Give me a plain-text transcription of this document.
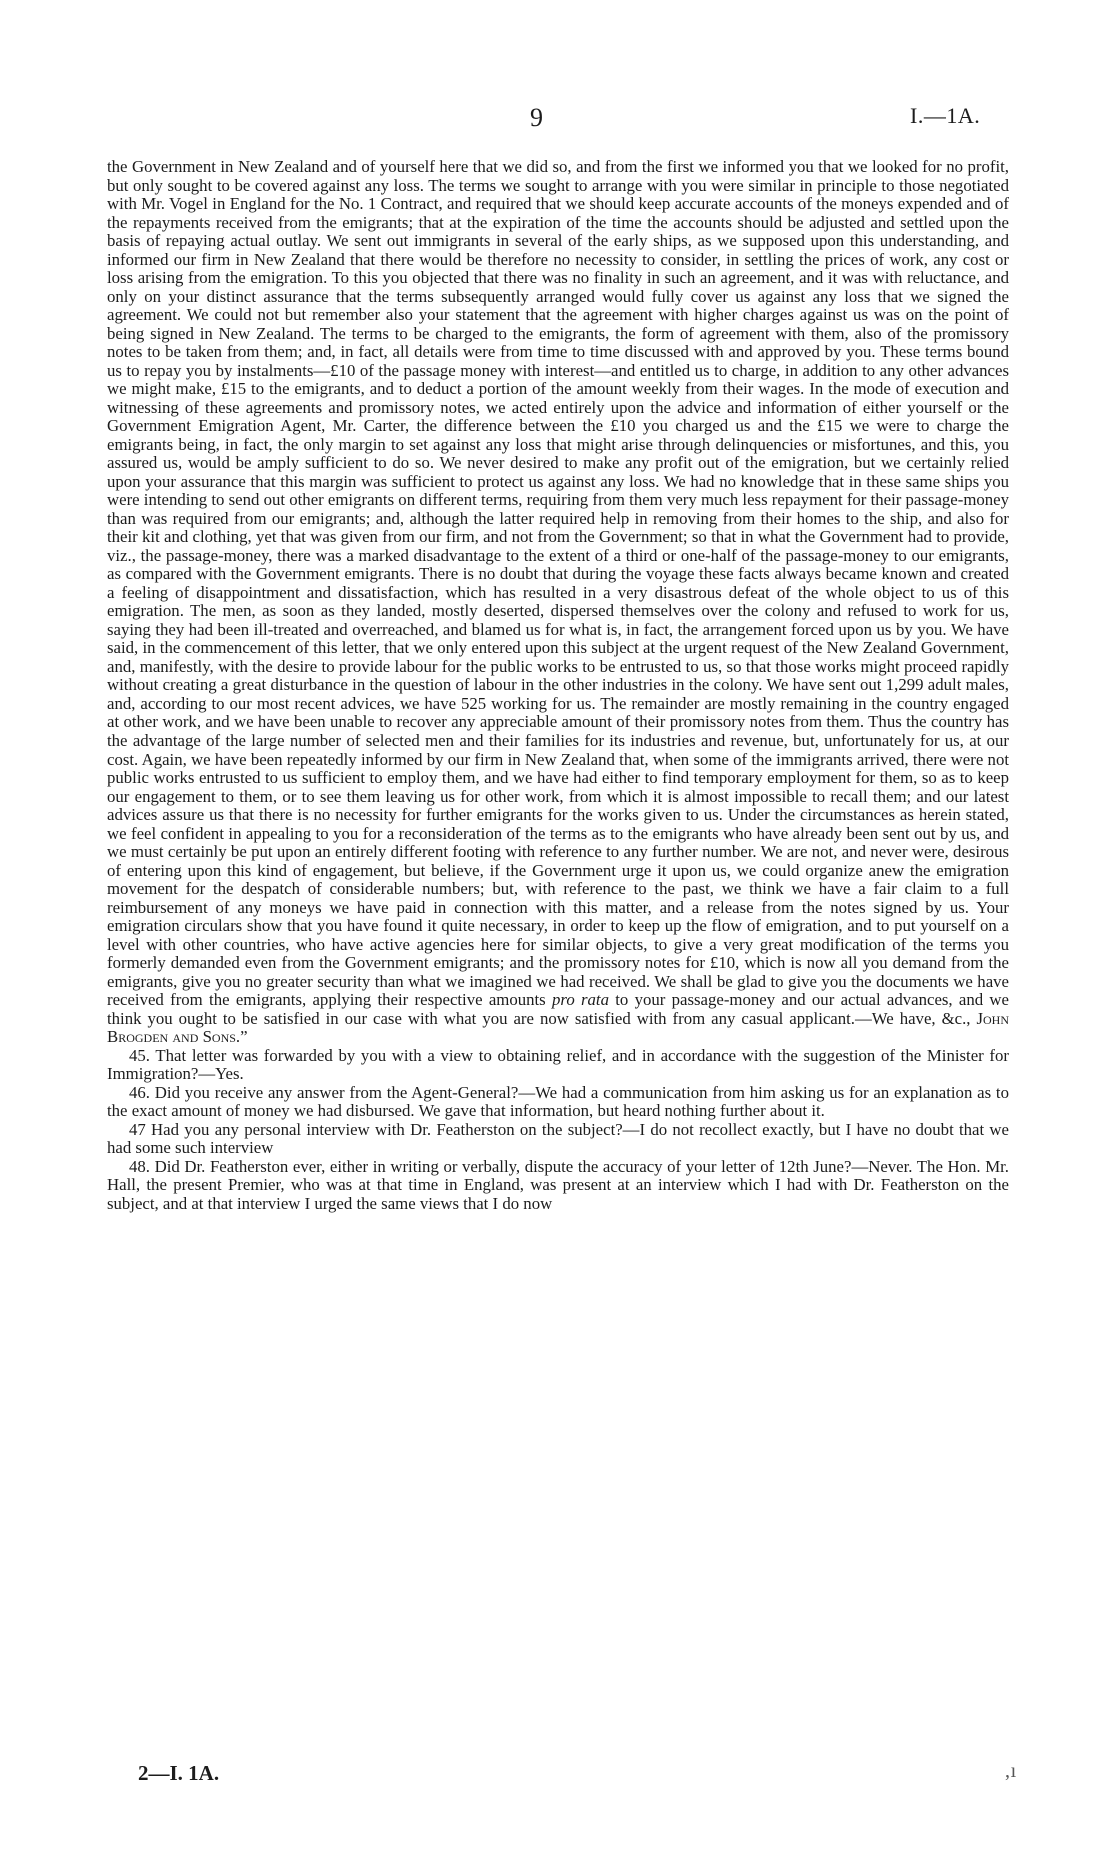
9	I.—1A.

the Government in New Zealand and of yourself here that we did so, and from the first we informed you that we looked for no profit, but only sought to be covered against any loss. The terms we sought to arrange with you were similar in principle to those negotiated with Mr. Vogel in England for the No. 1 Contract, and required that we should keep accurate accounts of the moneys expended and of the repayments received from the emigrants; that at the expiration of the time the accounts should be adjusted and settled upon the basis of repaying actual outlay. We sent out immigrants in several of the early ships, as we supposed upon this understanding, and informed our firm in New Zealand that there would be therefore no necessity to consider, in settling the prices of work, any cost or loss arising from the emigration. To this you objected that there was no finality in such an agreement, and it was with reluctance, and only on your distinct assurance that the terms subsequently arranged would fully cover us against any loss that we signed the agreement. We could not but remember also your statement that the agreement with higher charges against us was on the point of being signed in New Zealand. The terms to be charged to the emigrants, the form of agreement with them, also of the promissory notes to be taken from them; and, in fact, all details were from time to time discussed with and approved by you. These terms bound us to repay you by instalments—£10 of the passage money with interest—and entitled us to charge, in addition to any other advances we might make, £15 to the emigrants, and to deduct a portion of the amount weekly from their wages. In the mode of execution and witnessing of these agreements and promissory notes, we acted entirely upon the advice and information of either yourself or the Government Emigration Agent, Mr. Carter, the difference between the £10 you charged us and the £15 we were to charge the emigrants being, in fact, the only margin to set against any loss that might arise through delinquencies or misfortunes, and this, you assured us, would be amply sufficient to do so. We never desired to make any profit out of the emigration, but we certainly relied upon your assurance that this margin was sufficient to protect us against any loss. We had no knowledge that in these same ships you were intending to send out other emigrants on different terms, requiring from them very much less repayment for their passage-money than was required from our emigrants; and, although the latter required help in removing from their homes to the ship, and also for their kit and clothing, yet that was given from our firm, and not from the Government; so that in what the Government had to provide, viz., the passage-money, there was a marked disadvantage to the extent of a third or one-half of the passage-money to our emigrants, as compared with the Government emigrants. There is no doubt that during the voyage these facts always became known and created a feeling of disappointment and dissatisfaction, which has resulted in a very disastrous defeat of the whole object to us of this emigration. The men, as soon as they landed, mostly deserted, dispersed themselves over the colony and refused to work for us, saying they had been ill-treated and overreached, and blamed us for what is, in fact, the arrangement forced upon us by you. We have said, in the commencement of this letter, that we only entered upon this subject at the urgent request of the New Zealand Government, and, manifestly, with the desire to provide labour for the public works to be entrusted to us, so that those works might proceed rapidly without creating a great disturbance in the question of labour in the other industries in the colony. We have sent out 1,299 adult males, and, according to our most recent advices, we have 525 working for us. The remainder are mostly remaining in the country engaged at other work, and we have been unable to recover any appreciable amount of their promissory notes from them. Thus the country has the advantage of the large number of selected men and their families for its industries and revenue, but, unfortunately for us, at our cost. Again, we have been repeatedly informed by our firm in New Zealand that, when some of the immigrants arrived, there were not public works entrusted to us sufficient to employ them, and we have had either to find temporary employment for them, so as to keep our engagement to them, or to see them leaving us for other work, from which it is almost impossible to recall them; and our latest advices assure us that there is no necessity for further emigrants for the works given to us. Under the circumstances as herein stated, we feel confident in appealing to you for a reconsideration of the terms as to the emigrants who have already been sent out by us, and we must certainly be put upon an entirely different footing with reference to any further number. We are not, and never were, desirous of entering upon this kind of engagement, but believe, if the Government urge it upon us, we could organize anew the emigration movement for the despatch of considerable numbers; but, with reference to the past, we think we have a fair claim to a full reimbursement of any moneys we have paid in connection with this matter, and a release from the notes signed by us. Your emigration circulars show that you have found it quite necessary, in order to keep up the flow of emigration, and to put yourself on a level with other countries, who have active agencies here for similar objects, to give a very great modification of the terms you formerly demanded even from the Government emigrants; and the promissory notes for £10, which is now all you demand from the emigrants, give you no greater security than what we imagined we had received. We shall be glad to give you the documents we have received from the emigrants, applying their respective amounts pro rata to your passage-money and our actual advances, and we think you ought to be satisfied in our case with what you are now satisfied with from any casual applicant.—We have, &c., John Brogden and Sons.”

45. That letter was forwarded by you with a view to obtaining relief, and in accordance with the suggestion of the Minister for Immigration?—Yes.

46. Did you receive any answer from the Agent-General?—We had a communication from him asking us for an explanation as to the exact amount of money we had disbursed. We gave that information, but heard nothing further about it.

47 Had you any personal interview with Dr. Featherston on the subject?—I do not recollect exactly, but I have no doubt that we had some such interview

48. Did Dr. Featherston ever, either in writing or verbally, dispute the accuracy of your letter of 12th June?—Never. The Hon. Mr. Hall, the present Premier, who was at that time in England, was present at an interview which I had with Dr. Featherston on the subject, and at that interview I urged the same views that I do now

2—I. 1A.	‚ı
